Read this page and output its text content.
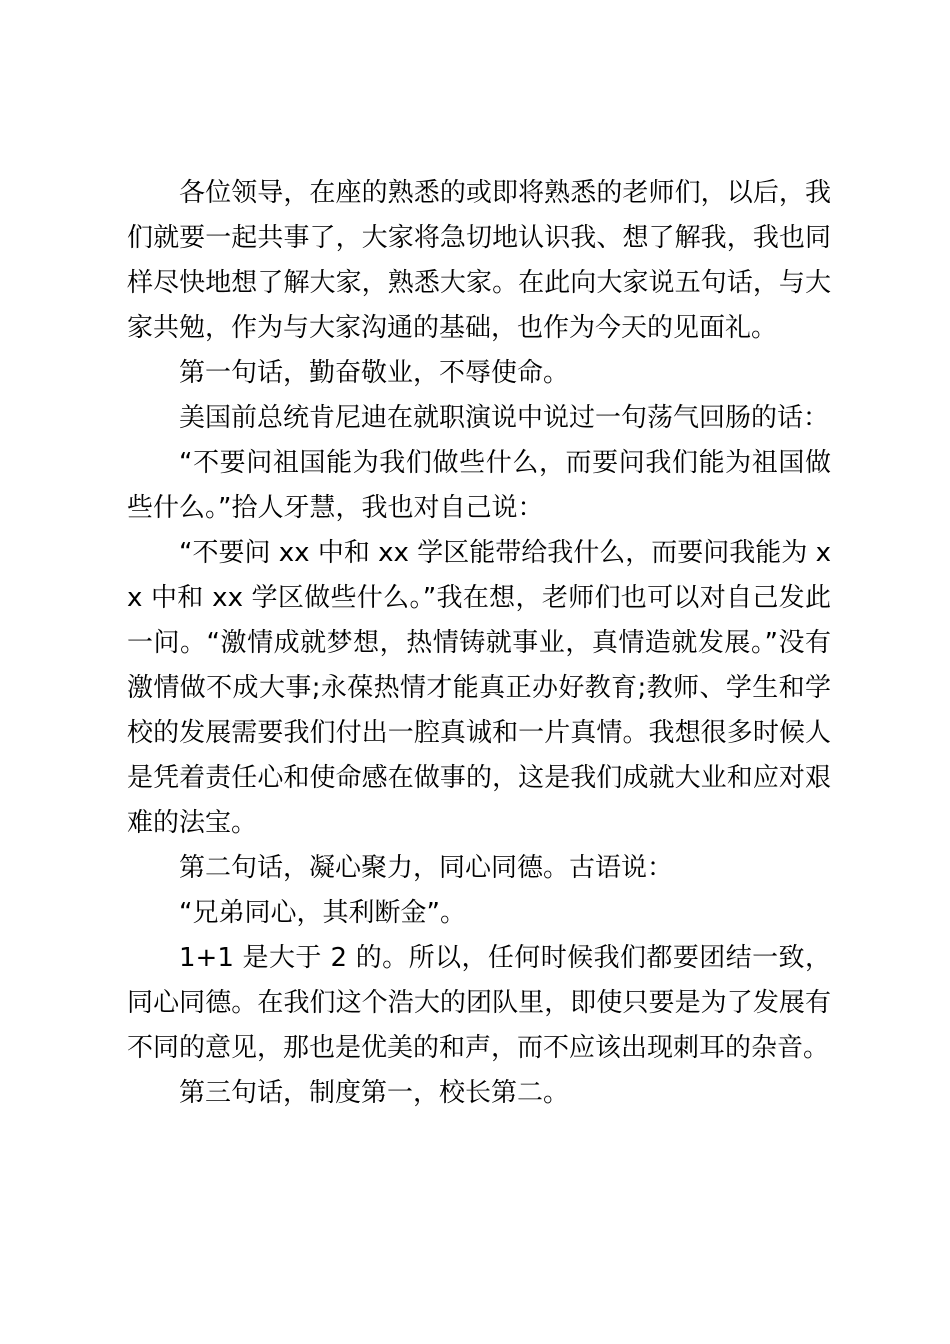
各位领导，在座的熟悉的或即将熟悉的老师们，以后，我们就要一起共事了，大家将急切地认识我、想了解我，我也同样尽快地想了解大家，熟悉大家。在此向大家说五句话，与大家共勉，作为与大家沟通的基础，也作为今天的见面礼。

第一句话，勤奋敬业，不辱使命。

美国前总统肯尼迪在就职演说中说过一句荡气回肠的话：

“不要问祖国能为我们做些什么，而要问我们能为祖国做些什么。”拾人牙慧，我也对自己说：

“不要问 xx 中和 xx 学区能带给我什么，而要问我能为 xx 中和 xx 学区做些什么。”我在想，老师们也可以对自己发此一问。“激情成就梦想，热情铸就事业，真情造就发展。”没有激情做不成大事;永葆热情才能真正办好教育;教师、学生和学校的发展需要我们付出一腔真诚和一片真情。我想很多时候人是凭着责任心和使命感在做事的，这是我们成就大业和应对艰难的法宝。

第二句话，凝心聚力，同心同德。古语说：

“兄弟同心，其利断金”。

1+1 是大于 2 的。所以，任何时候我们都要团结一致，同心同德。在我们这个浩大的团队里，即使只要是为了发展有不同的意见，那也是优美的和声，而不应该出现刺耳的杂音。

第三句话，制度第一，校长第二。
